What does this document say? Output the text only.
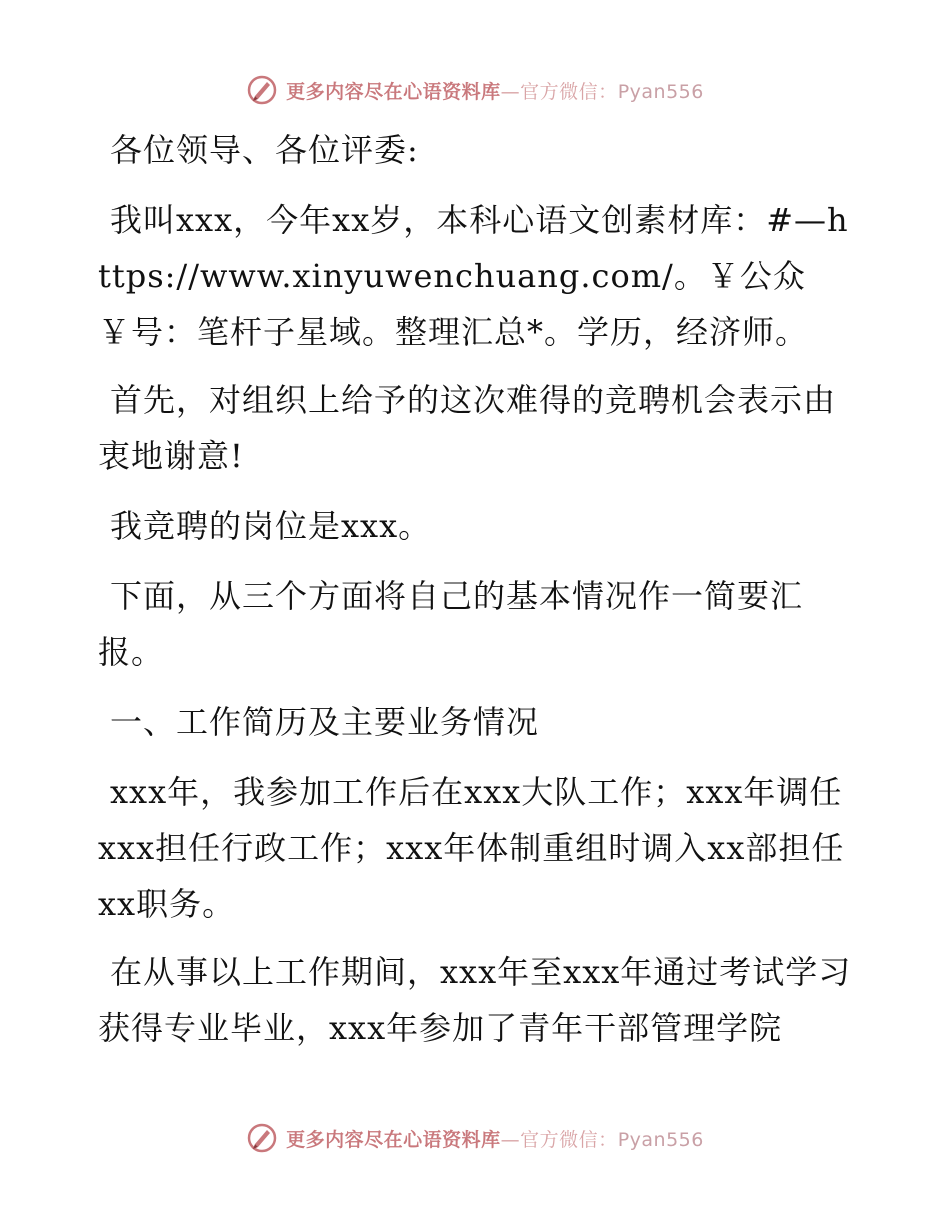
更多内容尽在心语资料库—官方微信：Pyan556

各位领导、各位评委:

我叫xxx，今年xx岁，本科心语文创素材库：#—https://www.xinyuwenchuang.com/。￥公众￥号：笔杆子星域。整理汇总*。学历，经济师。

首先，对组织上给予的这次难得的竞聘机会表示由衷地谢意!

我竞聘的岗位是xxx。

下面，从三个方面将自己的基本情况作一简要汇报。

一、工作简历及主要业务情况

xxx年，我参加工作后在xxx大队工作；xxx年调任xxx担任行政工作；xxx年体制重组时调入xx部担任xx职务。

在从事以上工作期间，xxx年至xxx年通过考试学习获得专业毕业，xxx年参加了青年干部管理学院

更多内容尽在心语资料库—官方微信：Pyan556
